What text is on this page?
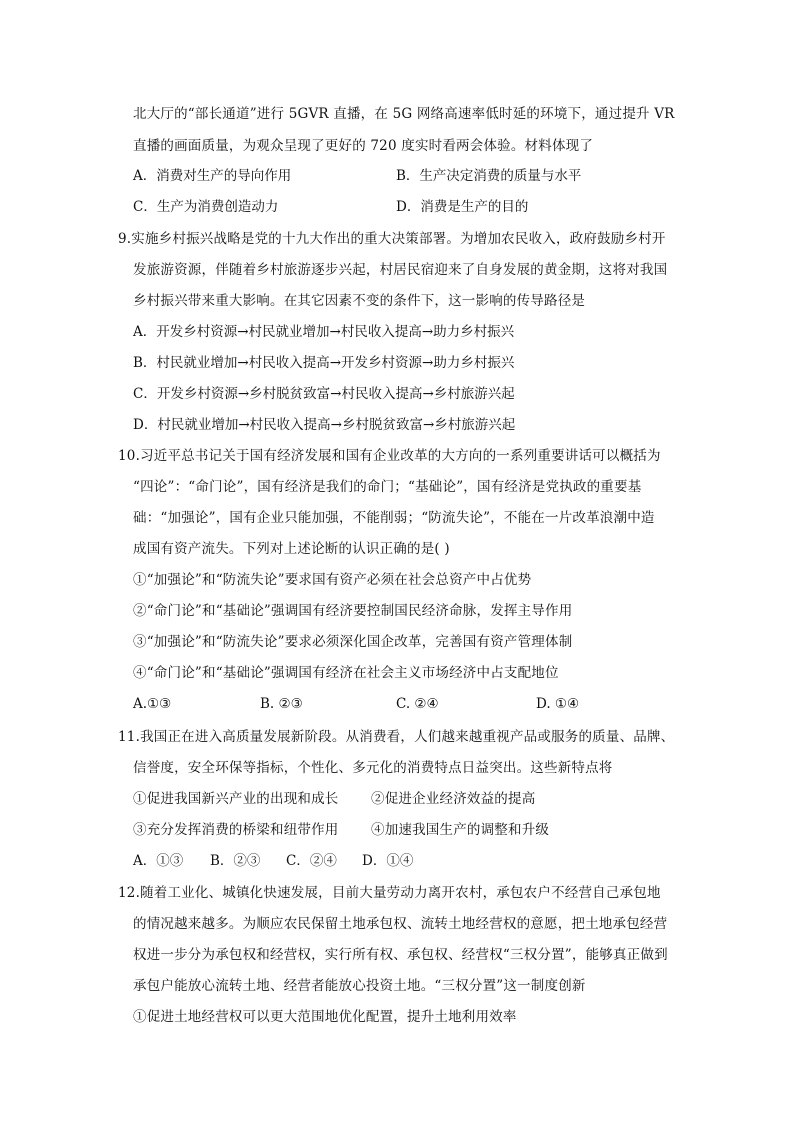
北大厅的“部长通道”进行 5GVR 直播，在 5G 网络高速率低时延的环境下，通过提升 VR
直播的画面质量，为观众呈现了更好的 720 度实时看两会体验。材料体现了
A．消费对生产的导向作用	B．生产决定消费的质量与水平
C．生产为消费创造动力	D．消费是生产的目的
9.实施乡村振兴战略是党的十九大作出的重大决策部署。为增加农民收入，政府鼓励乡村开
发旅游资源，伴随着乡村旅游逐步兴起，村居民宿迎来了自身发展的黄金期，这将对我国
乡村振兴带来重大影响。在其它因素不变的条件下，这一影响的传导路径是
A．开发乡村资源→村民就业增加→村民收入提高→助力乡村振兴
B．村民就业增加→村民收入提高→开发乡村资源→助力乡村振兴
C．开发乡村资源→乡村脱贫致富→村民收入提高→乡村旅游兴起
D．村民就业增加→村民收入提高→乡村脱贫致富→乡村旅游兴起
10.习近平总书记关于国有经济发展和国有企业改革的大方向的一系列重要讲话可以概括为
“四论”：“命门论”，国有经济是我们的命门；“基础论”，国有经济是党执政的重要基
础：“加强论”，国有企业只能加强，不能削弱；“防流失论”，不能在一片改革浪潮中造
成国有资产流失。下列对上述论断的认识正确的是( )
①“加强论”和“防流失论”要求国有资产必须在社会总资产中占优势
②“命门论”和“基础论”强调国有经济要控制国民经济命脉，发挥主导作用
③“加强论”和“防流失论”要求必须深化国企改革，完善国有资产管理体制
④“命门论”和“基础论”强调国有经济在社会主义市场经济中占支配地位
A.①③	B. ②③	C. ②④	D. ①④
11.我国正在进入高质量发展新阶段。从消费看，人们越来越重视产品或服务的质量、品牌、
信誉度，安全环保等指标，个性化、多元化的消费特点日益突出。这些新特点将
①促进我国新兴产业的出现和成长 ②促进企业经济效益的提高
③充分发挥消费的桥梁和纽带作用 ④加速我国生产的调整和升级
A．①③ B．②③ C．②④ D．①④
12.随着工业化、城镇化快速发展，目前大量劳动力离开农村，承包农户不经营自己承包地
的情况越来越多。为顺应农民保留土地承包权、流转土地经营权的意愿，把土地承包经营
权进一步分为承包权和经营权，实行所有权、承包权、经营权“三权分置”，能够真正做到
承包户能放心流转土地、经营者能放心投资土地。“三权分置”这一制度创新
①促进土地经营权可以更大范围地优化配置，提升土地利用效率
